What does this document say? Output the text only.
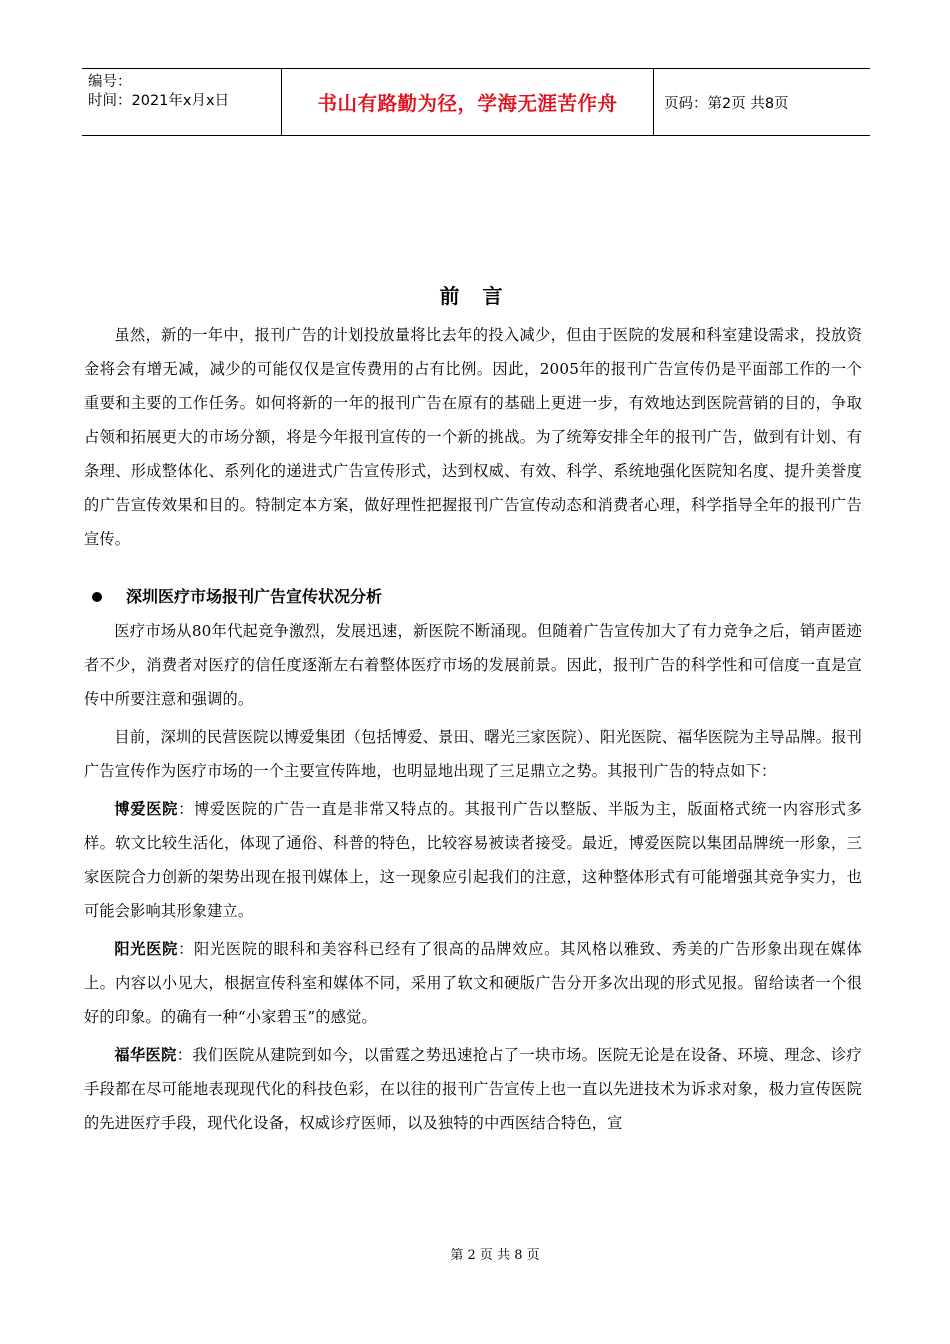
编号：
时间：2021年x月x日	书山有路勤为径，学海无涯苦作舟	页码：第2页 共8页
前 言

虽然，新的一年中，报刊广告的计划投放量将比去年的投入减少，但由于医院的发展和科室建设需求，投放资金将会有增无减，减少的可能仅仅是宣传费用的占有比例。因此，2005年的报刊广告宣传仍是平面部工作的一个重要和主要的工作任务。如何将新的一年的报刊广告在原有的基础上更进一步，有效地达到医院营销的目的，争取占领和拓展更大的市场分额，将是今年报刊宣传的一个新的挑战。为了统筹安排全年的报刊广告，做到有计划、有条理、形成整体化、系列化的递进式广告宣传形式，达到权威、有效、科学、系统地强化医院知名度、提升美誉度的广告宣传效果和目的。特制定本方案，做好理性把握报刊广告宣传动态和消费者心理，科学指导全年的报刊广告宣传。

深圳医疗市场报刊广告宣传状况分析

医疗市场从80年代起竞争激烈，发展迅速，新医院不断涌现。但随着广告宣传加大了有力竞争之后，销声匿迹者不少，消费者对医疗的信任度逐渐左右着整体医疗市场的发展前景。因此，报刊广告的科学性和可信度一直是宣传中所要注意和强调的。

目前，深圳的民营医院以博爱集团（包括博爱、景田、曙光三家医院）、阳光医院、福华医院为主导品牌。报刊广告宣传作为医疗市场的一个主要宣传阵地，也明显地出现了三足鼎立之势。其报刊广告的特点如下：

博爱医院：博爱医院的广告一直是非常又特点的。其报刊广告以整版、半版为主，版面格式统一内容形式多样。软文比较生活化，体现了通俗、科普的特色，比较容易被读者接受。最近，博爱医院以集团品牌统一形象，三家医院合力创新的架势出现在报刊媒体上，这一现象应引起我们的注意，这种整体形式有可能增强其竞争实力，也可能会影响其形象建立。

阳光医院：阳光医院的眼科和美容科已经有了很高的品牌效应。其风格以雅致、秀美的广告形象出现在媒体上。内容以小见大，根据宣传科室和媒体不同，采用了软文和硬版广告分开多次出现的形式见报。留给读者一个很好的印象。的确有一种“小家碧玉”的感觉。

福华医院：我们医院从建院到如今，以雷霆之势迅速抢占了一块市场。医院无论是在设备、环境、理念、诊疗手段都在尽可能地表现现代化的科技色彩，在以往的报刊广告宣传上也一直以先进技术为诉求对象，极力宣传医院的先进医疗手段，现代化设备，权威诊疗医师，以及独特的中西医结合特色，宣

第 2 页 共 8 页
